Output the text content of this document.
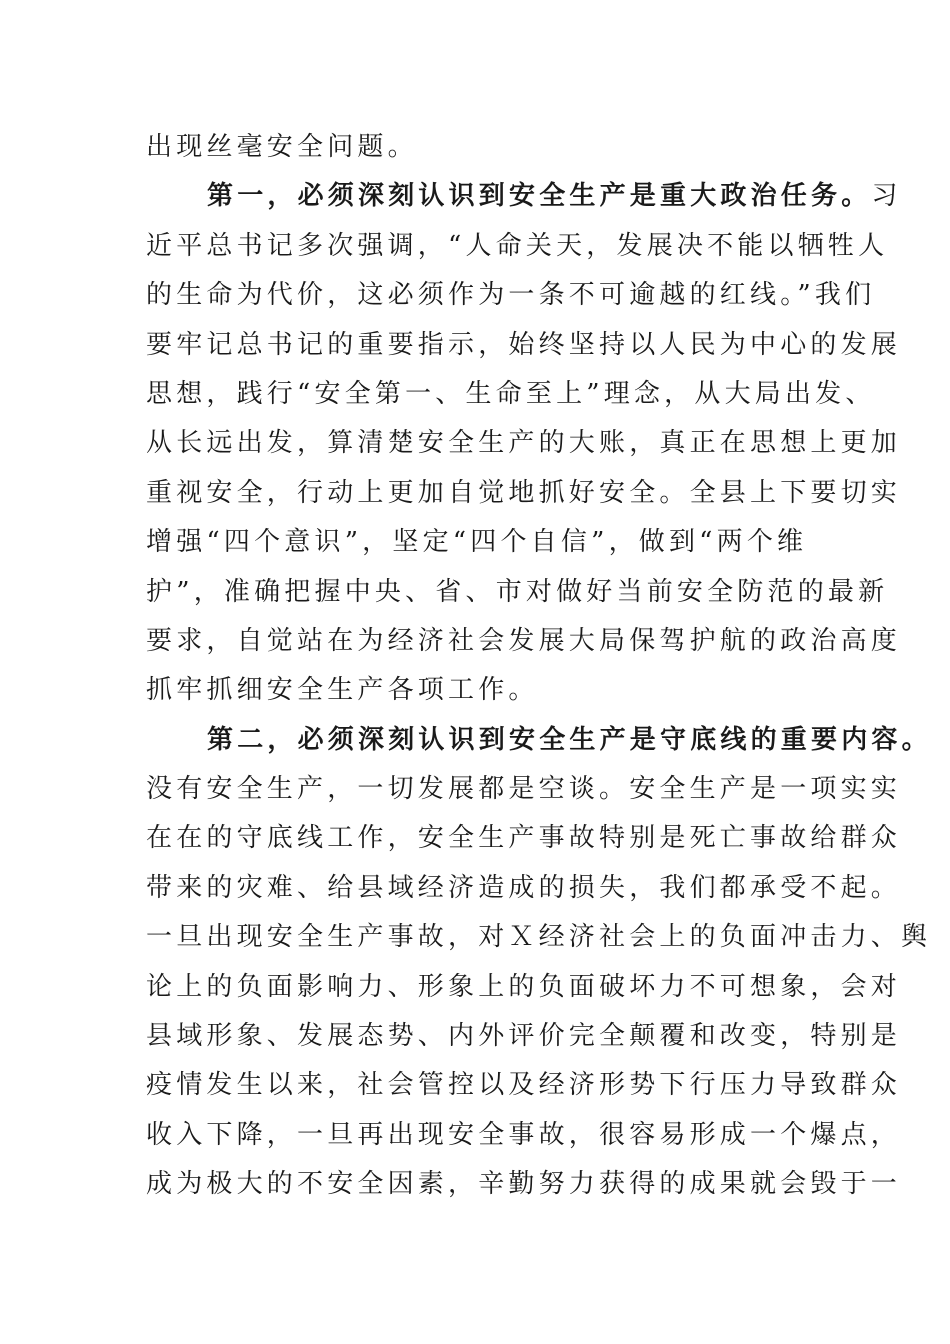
出现丝毫安全问题。
第一，必须深刻认识到安全生产是重大政治任务。习
近平总书记多次强调，“人命关天，发展决不能以牺牲人
的生命为代价，这必须作为一条不可逾越的红线。”我们
要牢记总书记的重要指示，始终坚持以人民为中心的发展
思想，践行“安全第一、生命至上”理念，从大局出发、
从长远出发，算清楚安全生产的大账，真正在思想上更加
重视安全，行动上更加自觉地抓好安全。全县上下要切实
增强“四个意识”，坚定“四个自信”，做到“两个维
护”，准确把握中央、省、市对做好当前安全防范的最新
要求，自觉站在为经济社会发展大局保驾护航的政治高度
抓牢抓细安全生产各项工作。
第二，必须深刻认识到安全生产是守底线的重要内容。
没有安全生产，一切发展都是空谈。安全生产是一项实实
在在的守底线工作，安全生产事故特别是死亡事故给群众
带来的灾难、给县域经济造成的损失，我们都承受不起。
一旦出现安全生产事故，对Ｘ经济社会上的负面冲击力、舆
论上的负面影响力、形象上的负面破坏力不可想象，会对
县域形象、发展态势、内外评价完全颠覆和改变，特别是
疫情发生以来，社会管控以及经济形势下行压力导致群众
收入下降，一旦再出现安全事故，很容易形成一个爆点，
成为极大的不安全因素，辛勤努力获得的成果就会毁于一
